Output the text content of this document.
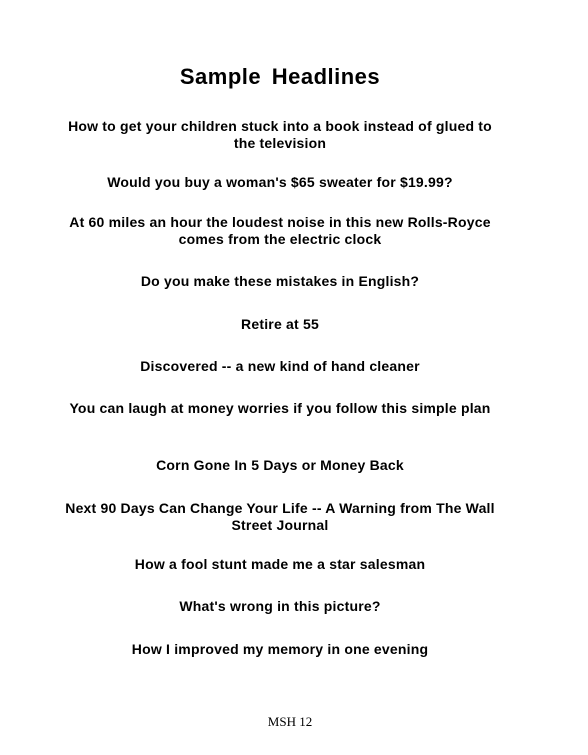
Sample Headlines
How to get your children stuck into a book instead of glued to the television
Would you buy a woman's $65 sweater for $19.99?
At 60 miles an hour the loudest noise in this new Rolls-Royce comes from the electric clock
Do you make these mistakes in English?
Retire at 55
Discovered -- a new kind of hand cleaner
You can laugh at money worries if you follow this simple plan
Corn Gone In 5 Days or Money Back
Next 90 Days Can Change Your Life -- A Warning from The Wall Street Journal
How a fool stunt made me a star salesman
What's wrong in this picture?
How I improved my memory in one evening
MSH 12
